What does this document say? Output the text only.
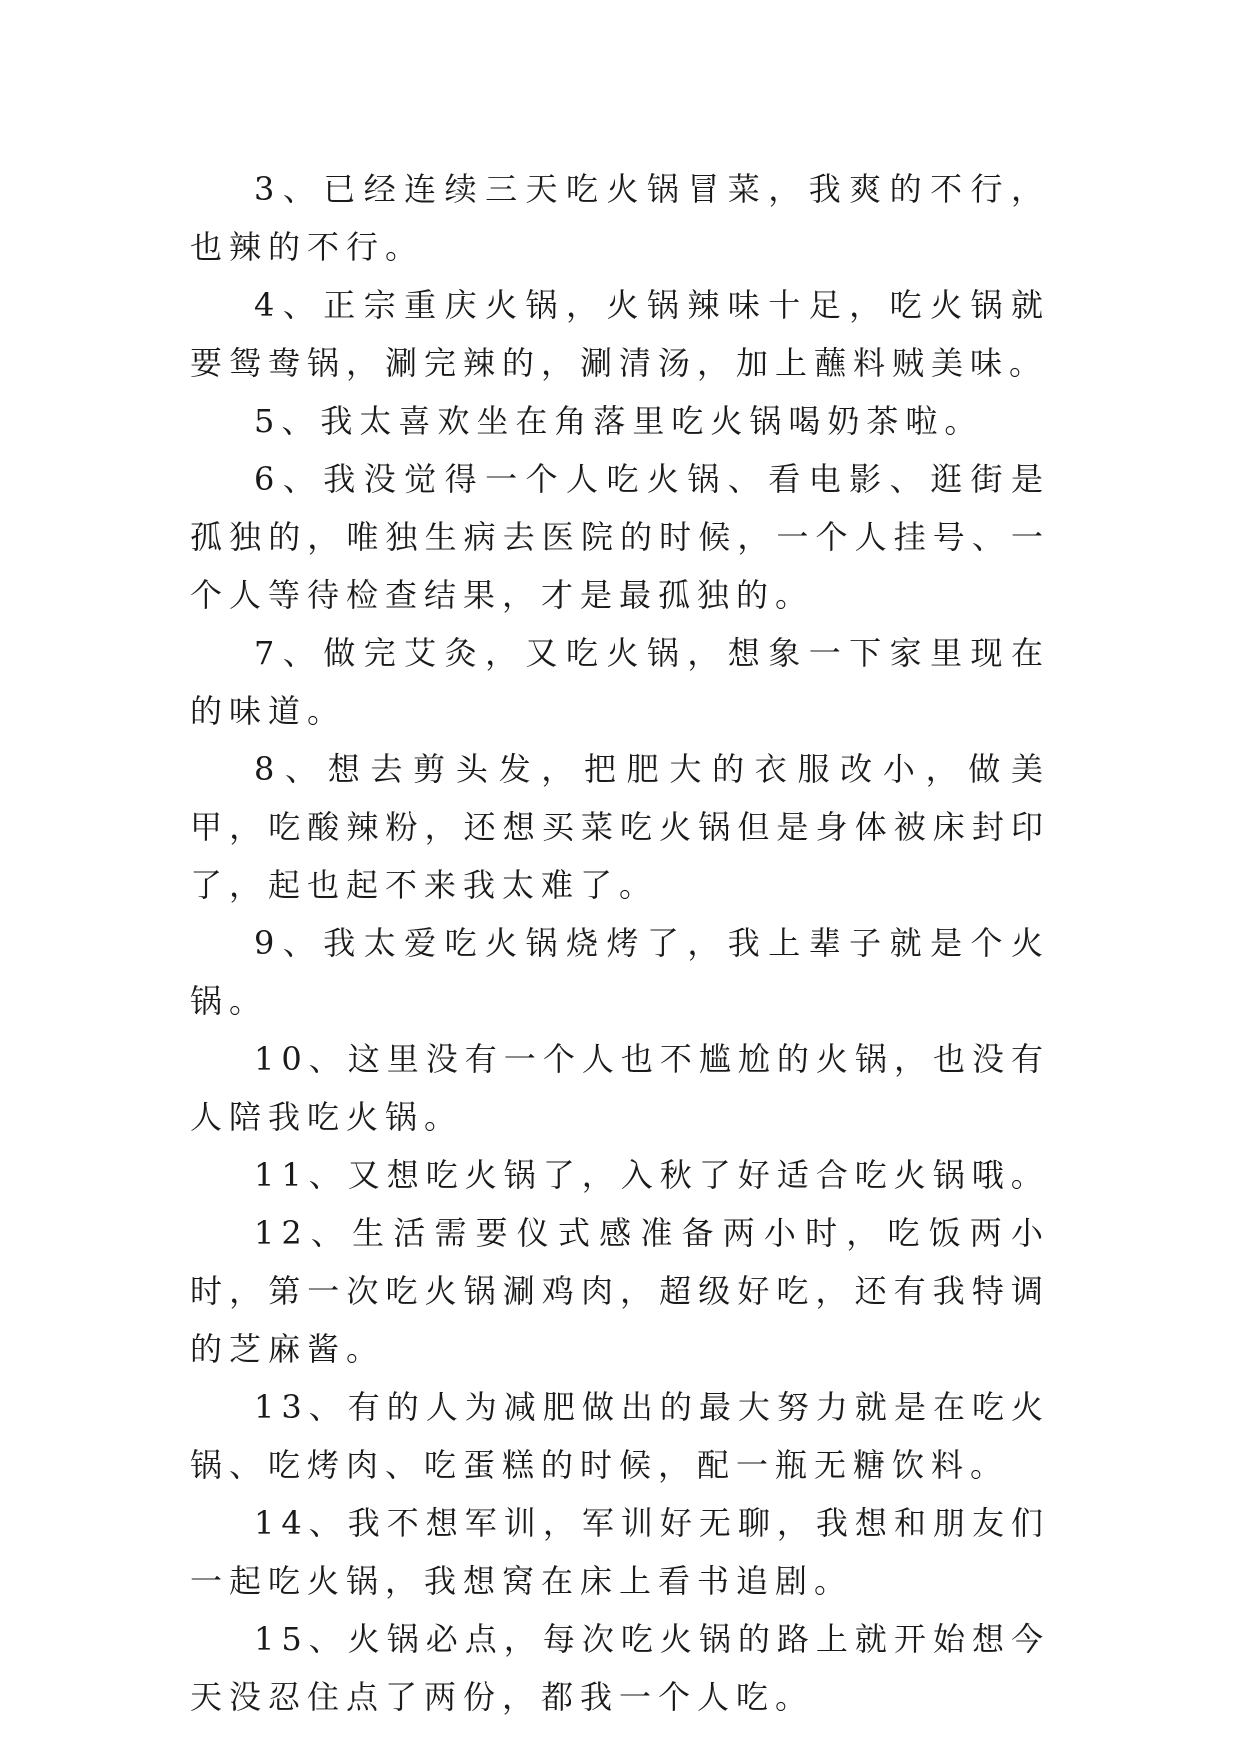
3、已经连续三天吃火锅冒菜，我爽的不行，也辣的不行。

4、正宗重庆火锅，火锅辣味十足，吃火锅就要鸳鸯锅，涮完辣的，涮清汤，加上蘸料贼美味。

5、我太喜欢坐在角落里吃火锅喝奶茶啦。

6、我没觉得一个人吃火锅、看电影、逛街是孤独的，唯独生病去医院的时候，一个人挂号、一个人等待检查结果，才是最孤独的。

7、做完艾灸，又吃火锅，想象一下家里现在的味道。

8、想去剪头发，把肥大的衣服改小，做美甲，吃酸辣粉，还想买菜吃火锅但是身体被床封印了，起也起不来我太难了。

9、我太爱吃火锅烧烤了，我上辈子就是个火锅。

10、这里没有一个人也不尴尬的火锅，也没有人陪我吃火锅。

11、又想吃火锅了，入秋了好适合吃火锅哦。

12、生活需要仪式感准备两小时，吃饭两小时，第一次吃火锅涮鸡肉，超级好吃，还有我特调的芝麻酱。

13、有的人为减肥做出的最大努力就是在吃火锅、吃烤肉、吃蛋糕的时候，配一瓶无糖饮料。

14、我不想军训，军训好无聊，我想和朋友们一起吃火锅，我想窝在床上看书追剧。

15、火锅必点，每次吃火锅的路上就开始想今天没忍住点了两份，都我一个人吃。
